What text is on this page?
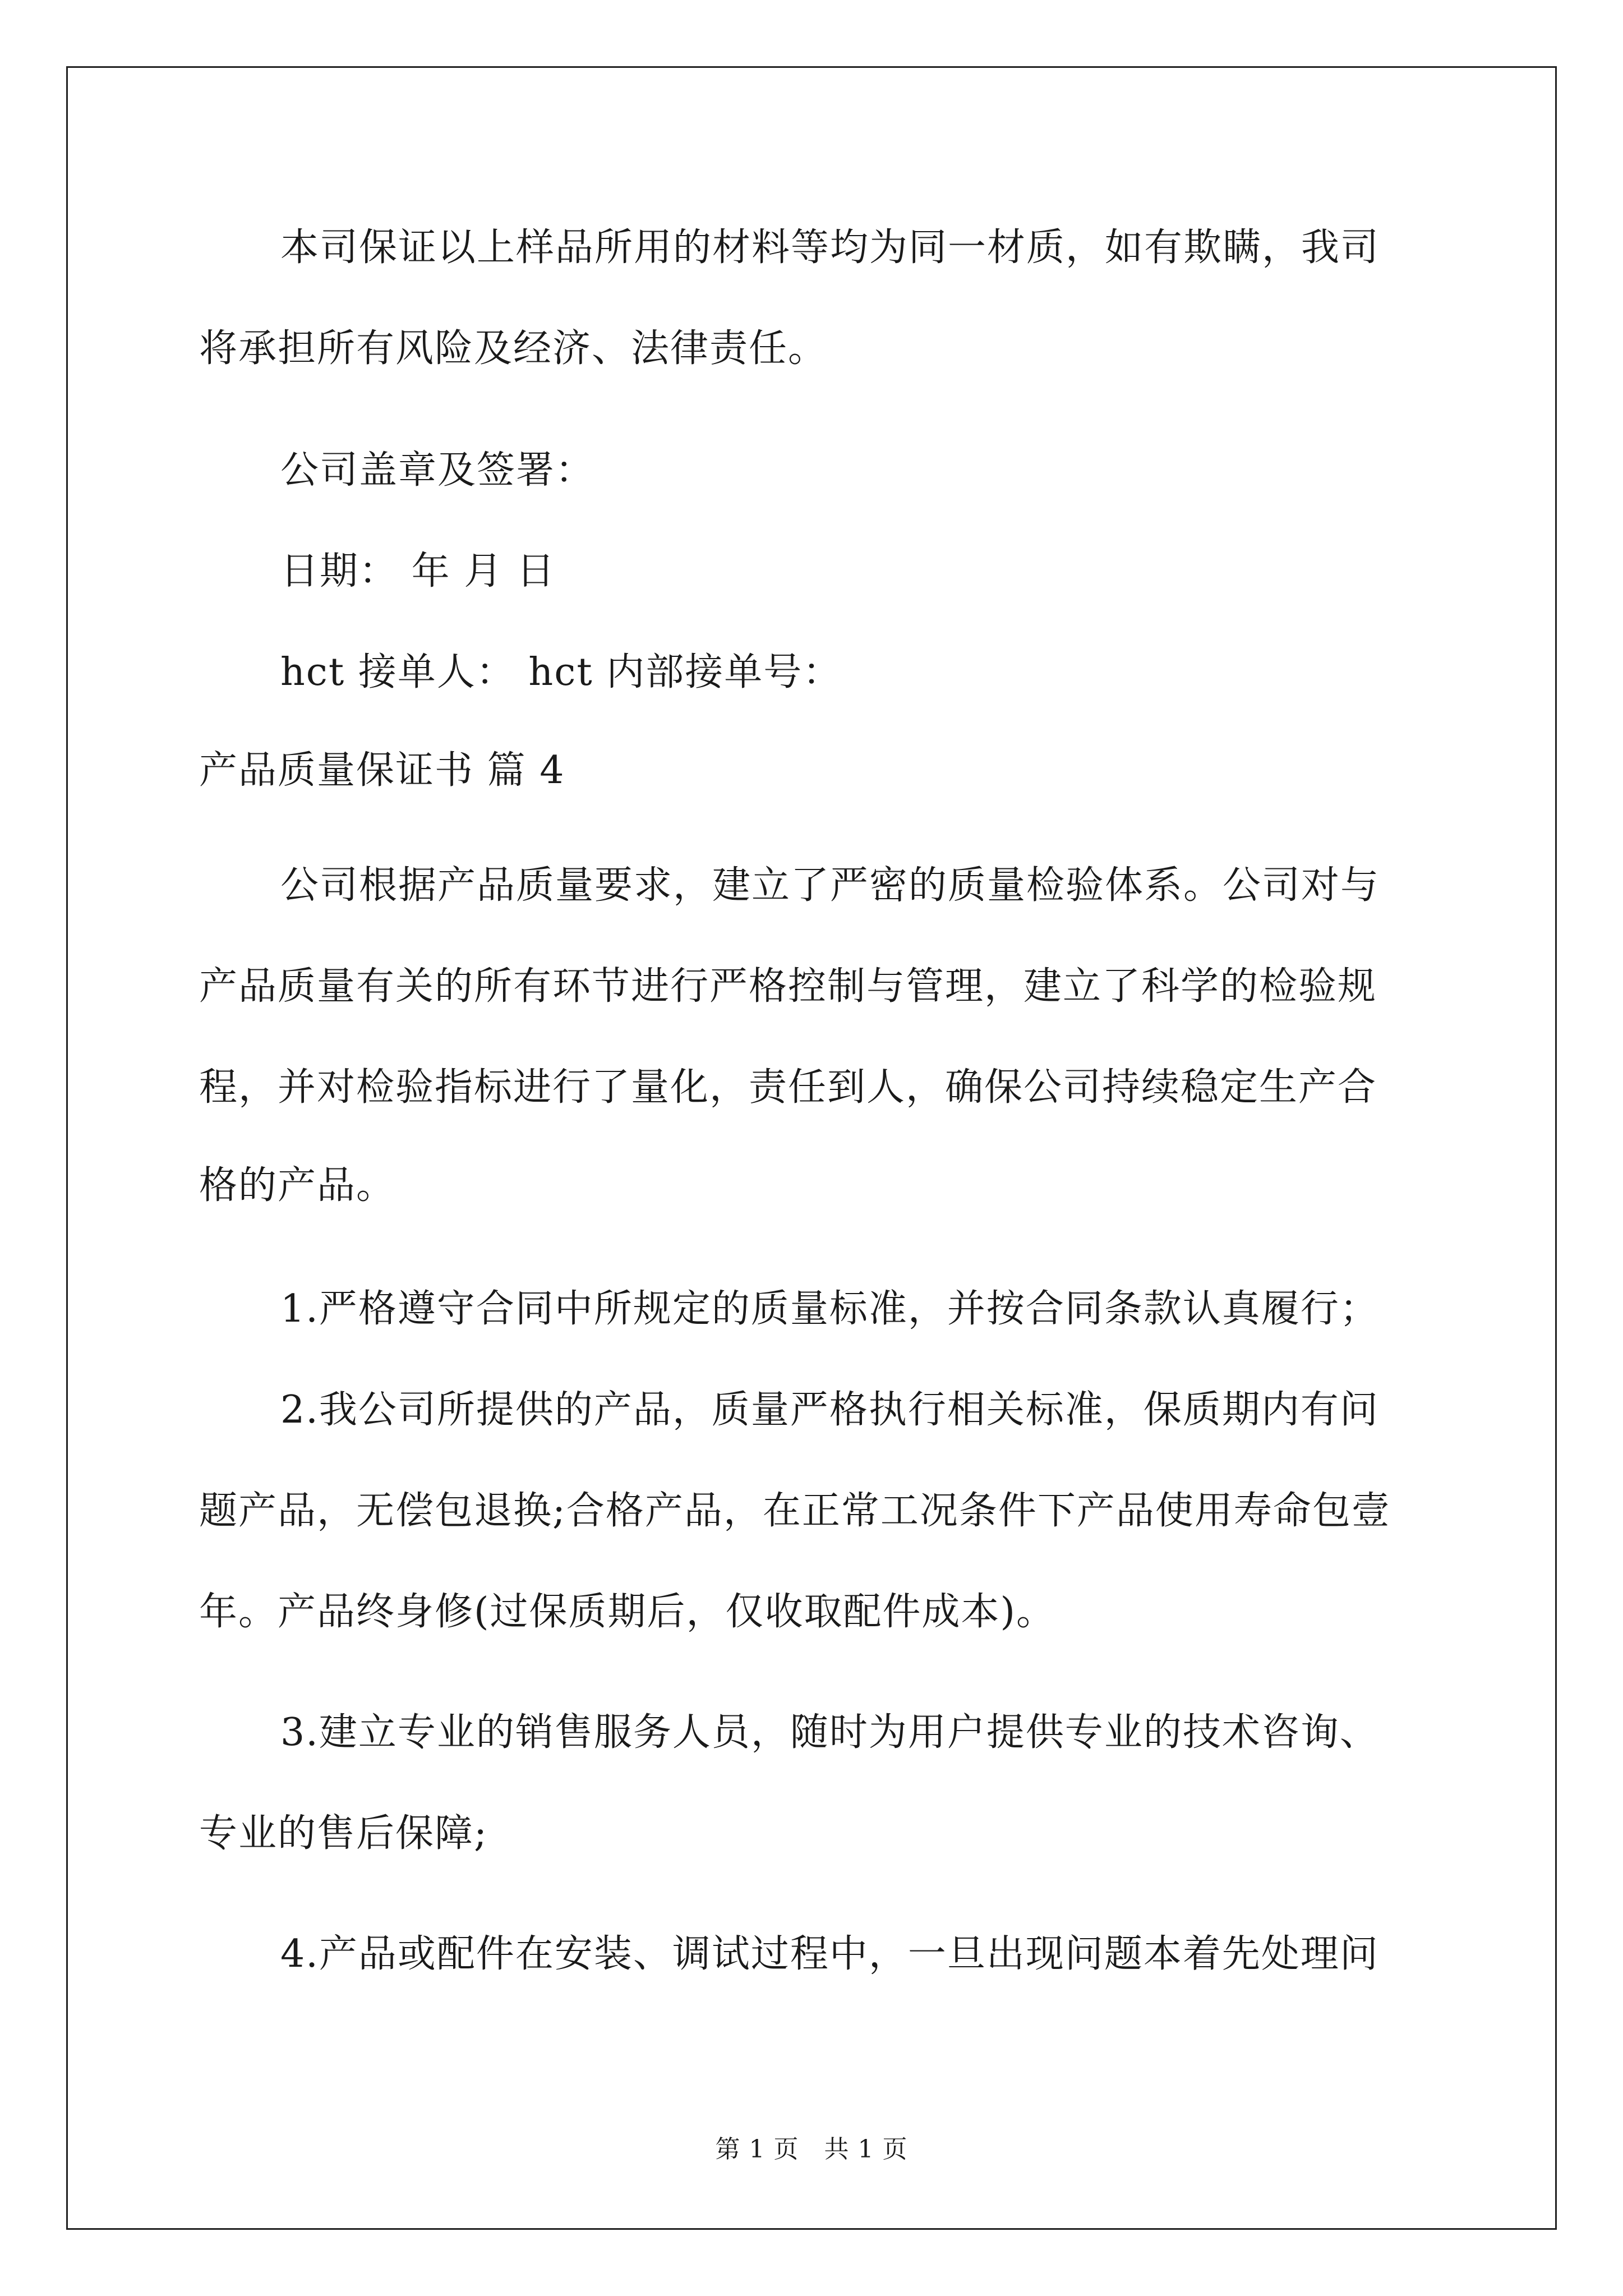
本司保证以上样品所用的材料等均为同一材质，如有欺瞒，我司
将承担所有风险及经济、法律责任。
公司盖章及签署：
日期： 年 月 日
hct 接单人： hct 内部接单号：
产品质量保证书 篇 4
公司根据产品质量要求，建立了严密的质量检验体系。公司对与
产品质量有关的所有环节进行严格控制与管理，建立了科学的检验规
程，并对检验指标进行了量化，责任到人，确保公司持续稳定生产合
格的产品。
1.严格遵守合同中所规定的质量标准，并按合同条款认真履行；
2.我公司所提供的产品，质量严格执行相关标准，保质期内有问
题产品，无偿包退换;合格产品，在正常工况条件下产品使用寿命包壹
年。产品终身修(过保质期后，仅收取配件成本)。
3.建立专业的销售服务人员，随时为用户提供专业的技术咨询、
专业的售后保障;
4.产品或配件在安装、调试过程中，一旦出现问题本着先处理问
第 1 页   共 1 页
